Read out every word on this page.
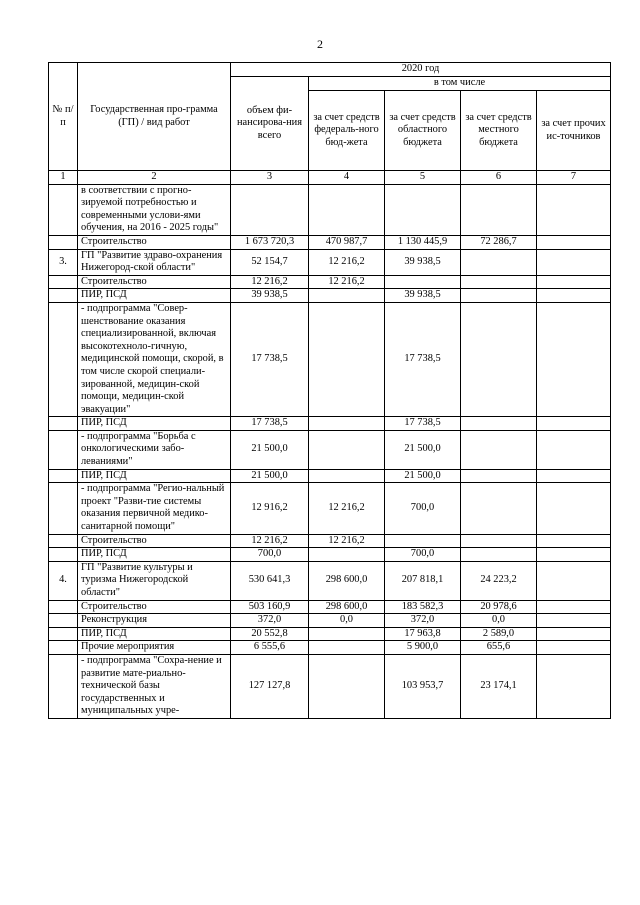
2
№ п/п	Государственная про-грамма (ГП) / вид работ	2020 год				
		объем фи-нансирова-ния всего	в том числе			
			за счет средств федераль-ного бюд-жета	за счет средств областного бюджета	за счет средств местного бюджета	за счет прочих ис-точников
1	2	3	4	5	6	7
	в соответствии с прогно-зируемой потребностью и современными услови-ями обучения, на 2016 - 2025 годы"					
	Строительство	1 673 720,3	470 987,7	1 130 445,9	72 286,7	
3.	ГП "Развитие здраво-охранения Нижегород-ской области"	52 154,7	12 216,2	39 938,5		
	Строительство	12 216,2	12 216,2			
	ПИР, ПСД	39 938,5		39 938,5		
	- подпрограмма "Совер-шенствование оказания специализированной, включая высокотехноло-гичную, медицинской помощи, скорой, в том числе скорой специали-зированной, медицин-ской помощи, медицин-ской эвакуации"	17 738,5		17 738,5		
	ПИР, ПСД	17 738,5		17 738,5		
	- подпрограмма "Борьба с онкологическими забо-леваниями"	21 500,0		21 500,0		
	ПИР, ПСД	21 500,0		21 500,0		
	- подпрограмма "Регио-нальный проект "Разви-тие системы оказания первичной медико-санитарной помощи"	12 916,2	12 216,2	700,0		
	Строительство	12 216,2	12 216,2			
	ПИР, ПСД	700,0		700,0		
4.	ГП "Развитие культуры и туризма Нижегородской области"	530 641,3	298 600,0	207 818,1	24 223,2	
	Строительство	503 160,9	298 600,0	183 582,3	20 978,6	
	Реконструкция	372,0	0,0	372,0	0,0	
	ПИР, ПСД	20 552,8		17 963,8	2 589,0	
	Прочие мероприятия	6 555,6		5 900,0	655,6	
	- подпрограмма "Сохра-нение и развитие мате-риально-технической базы государственных и муниципальных учре-	127 127,8		103 953,7	23 174,1	
